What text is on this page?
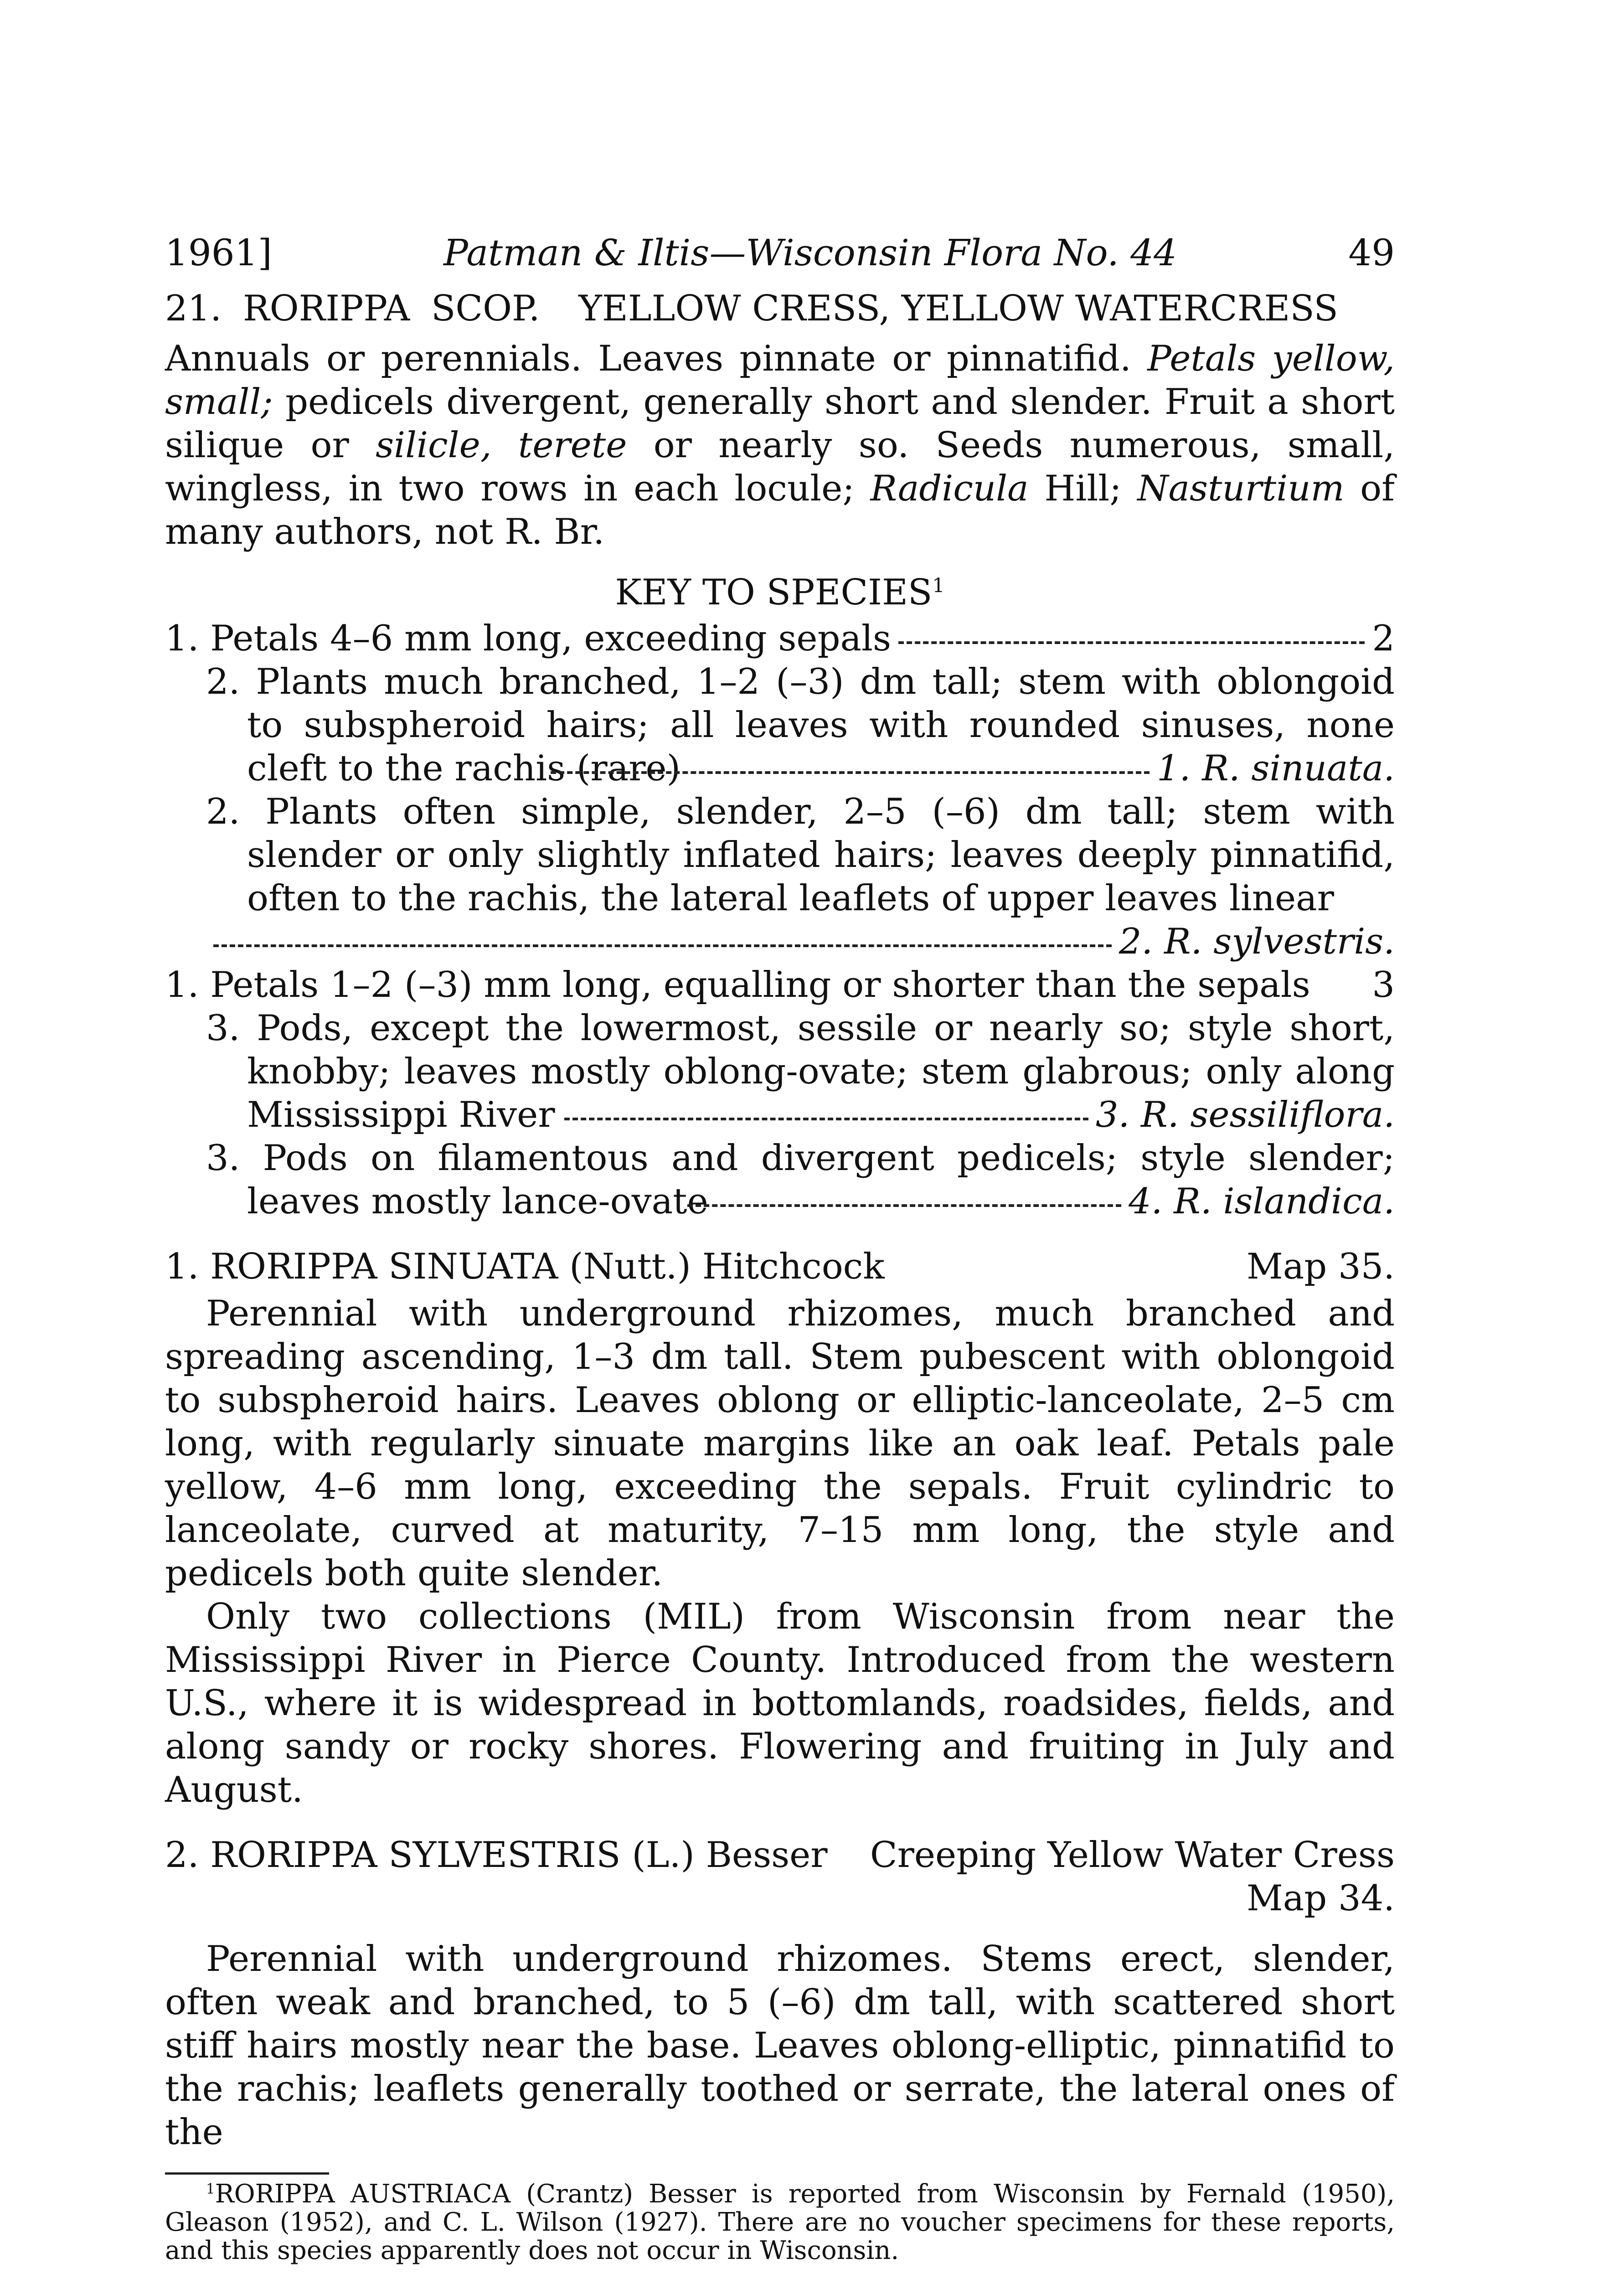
1961]	Patman & Iltis—Wisconsin Flora No. 44	49
21. RORIPPA SCOP. YELLOW CRESS, YELLOW WATERCRESS

Annuals or perennials. Leaves pinnate or pinnatifid. Petals yellow, small; pedicels divergent, generally short and slender. Fruit a short silique or silicle, terete or nearly so. Seeds numerous, small, wingless, in two rows in each locule; Radicula Hill; Nasturtium of many authors, not R. Br.

KEY TO SPECIES$^1$
1. Petals 4–6 mm long, exceeding sepals	2

2. Plants much branched, 1–2 (–3) dm tall; stem with oblongoid to subspheroid hairs; all leaves with rounded sinuses, none cleft to the rachis (rare)	1. R. sinuata.

2. Plants often simple, slender, 2–5 (–6) dm tall; stem with slender or only slightly inflated hairs; leaves deeply pinnatifid, often to the rachis, the lateral leaflets of upper leaves linear

2. R. sylvestris.
1. Petals 1–2 (–3) mm long, equalling or shorter than the sepals 3

3. Pods, except the lowermost, sessile or nearly so; style short, knobby; leaves mostly oblong-ovate; stem glabrous; only along Mississippi River	3. R. sessiliflora.

3. Pods on filamentous and divergent pedicels; style slender; leaves mostly lance-ovate	4. R. islandica.
1. RORIPPA SINUATA (Nutt.) Hitchcock	Map 35.

Perennial with underground rhizomes, much branched and spreading ascending, 1–3 dm tall. Stem pubescent with oblongoid to subspheroid hairs. Leaves oblong or elliptic-lanceolate, 2–5 cm long, with regularly sinuate margins like an oak leaf. Petals pale yellow, 4–6 mm long, exceeding the sepals. Fruit cylindric to lanceolate, curved at maturity, 7–15 mm long, the style and pedicels both quite slender.

Only two collections (MIL) from Wisconsin from near the Mississippi River in Pierce County. Introduced from the western U.S., where it is widespread in bottomlands, roadsides, fields, and along sandy or rocky shores. Flowering and fruiting in July and August.

2. RORIPPA SYLVESTRIS (L.) Besser Creeping Yellow Water Cress
Map 34.

Perennial with underground rhizomes. Stems erect, slender, often weak and branched, to 5 (–6) dm tall, with scattered short stiff hairs mostly near the base. Leaves oblong-elliptic, pinnatifid to the rachis; leaflets generally toothed or serrate, the lateral ones of the

$^1$RORIPPA AUSTRIACA (Crantz) Besser is reported from Wisconsin by Fernald (1950), Gleason (1952), and C. L. Wilson (1927). There are no voucher specimens for these reports, and this species apparently does not occur in Wisconsin.
